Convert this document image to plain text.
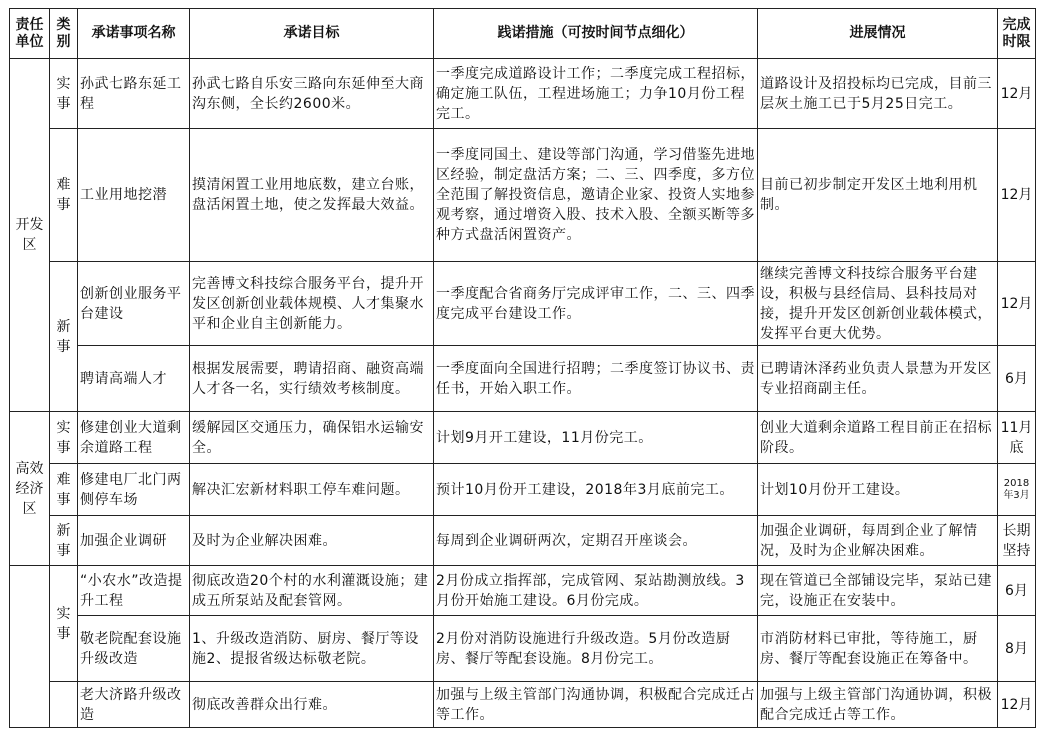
责任单位	类别	承诺事项名称	承诺目标	践诺措施（可按时间节点细化）	进展情况	完成时限
开发区	实事	孙武七路东延工程	孙武七路自乐安三路向东延伸至大商沟东侧，全长约2600米。	一季度完成道路设计工作；二季度完成工程招标，确定施工队伍，工程进场施工；力争10月份工程完工。	道路设计及招投标均已完成，目前三层灰土施工已于5月25日完工。	12月
	难事	工业用地挖潜	摸清闲置工业用地底数，建立台账，盘活闲置土地，使之发挥最大效益。	一季度同国土、建设等部门沟通，学习借鉴先进地区经验，制定盘活方案；二、三、四季度，多方位全范围了解投资信息，邀请企业家、投资人实地参观考察，通过增资入股、技术入股、全额买断等多种方式盘活闲置资产。	目前已初步制定开发区土地利用机制。	12月
	新事	创新创业服务平台建设	完善博文科技综合服务平台，提升开发区创新创业载体规模、人才集聚水平和企业自主创新能力。	一季度配合省商务厅完成评审工作，二、三、四季度完成平台建设工作。	继续完善博文科技综合服务平台建设，积极与县经信局、县科技局对接，提升开发区创新创业载体模式，发挥平台更大优势。	12月
		聘请高端人才	根据发展需要，聘请招商、融资高端人才各一名，实行绩效考核制度。	一季度面向全国进行招聘；二季度签订协议书、责任书，开始入职工作。	已聘请沐泽药业负责人景慧为开发区专业招商副主任。	6月
高效经济区	实事	修建创业大道剩余道路工程	缓解园区交通压力，确保铝水运输安全。	计划9月开工建设，11月份完工。	创业大道剩余道路工程目前正在招标阶段。	11月底
	难事	修建电厂北门两侧停车场	解决汇宏新材料职工停车难问题。	预计10月份开工建设，2018年3月底前完工。	计划10月份开工建设。	2018年3月
	新事	加强企业调研	及时为企业解决困难。	每周到企业调研两次，定期召开座谈会。	加强企业调研，每周到企业了解情况，及时为企业解决困难。	长期坚持
	实事	“小农水”改造提升工程	彻底改造20个村的水利灌溉设施；建成五所泵站及配套管网。	2月份成立指挥部，完成管网、泵站勘测放线。3月份开始施工建设。6月份完成。	现在管道已全部铺设完毕，泵站已建完，设施正在安装中。	6月
		敬老院配套设施升级改造	1、升级改造消防、厨房、餐厅等设施2、提报省级达标敬老院。	2月份对消防设施进行升级改造。5月份改造厨房、餐厅等配套设施。8月份完工。	市消防材料已审批，等待施工，厨房、餐厅等配套设施正在筹备中。	8月
		老大济路升级改造	彻底改善群众出行难。	加强与上级主管部门沟通协调，积极配合完成迁占等工作。	加强与上级主管部门沟通协调，积极配合完成迁占等工作。	12月
